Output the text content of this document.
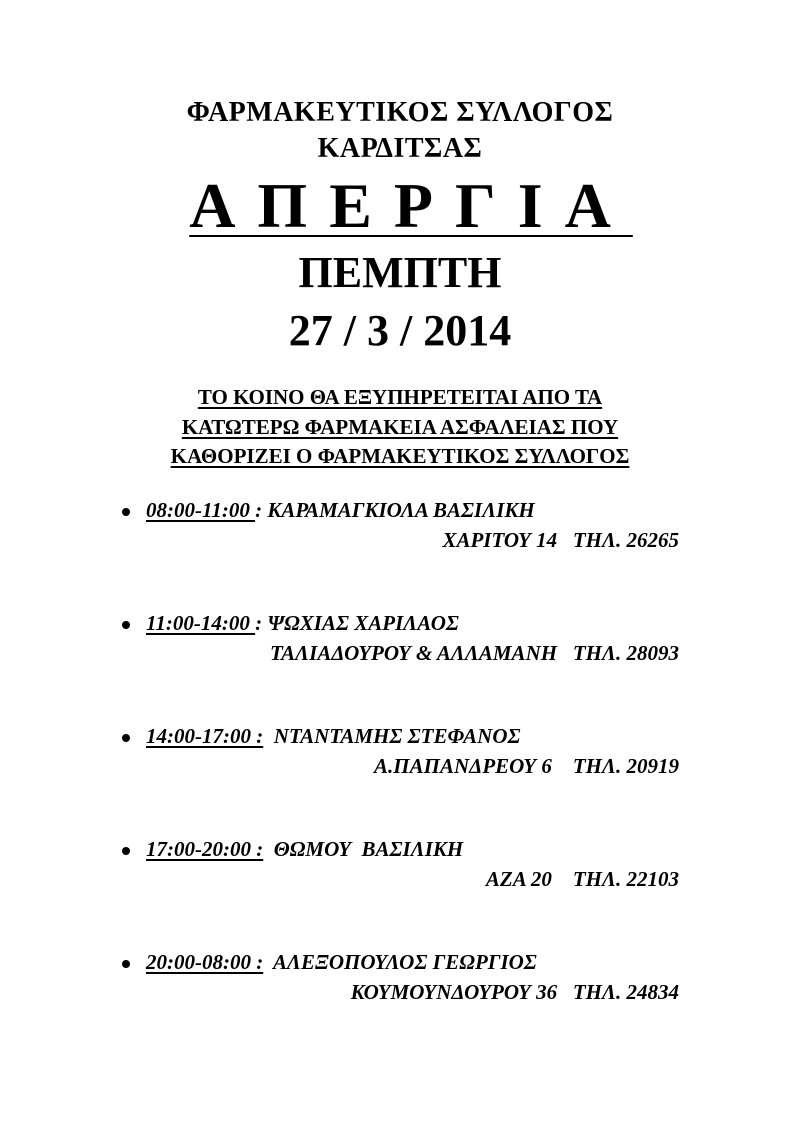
ΦΑΡΜΑΚΕΥΤΙΚΟΣ ΣΥΛΛΟΓΟΣ
ΚΑΡΔΙΤΣΑΣ
ΑΠΕΡΓΙΑ
ΠΕΜΠΤΗ
27 / 3 / 2014
ΤΟ ΚΟΙΝΟ ΘΑ ΕΞΥΠΗΡΕΤΕΙΤΑΙ ΑΠΟ ΤΑ
ΚΑΤΩΤΕΡΩ ΦΑΡΜΑΚΕΙΑ ΑΣΦΑΛΕΙΑΣ ΠΟΥ
ΚΑΘΟΡΙΖΕΙ Ο ΦΑΡΜΑΚΕΥΤΙΚΟΣ ΣΥΛΛΟΓΟΣ
08:00-11:00 : ΚΑΡΑΜΑΓΚΙΟΛΑ ΒΑΣΙΛΙΚΗ
ΧΑΡΙΤΟΥ 14   ΤΗΛ. 26265
11:00-14:00 : ΨΩΧΙΑΣ ΧΑΡΙΛΑΟΣ
ΤΑΛΙΑΔΟΥΡΟΥ & ΑΛΛΑΜΑΝΗ   ΤΗΛ. 28093
14:00-17:00 : ΝΤΑΝΤΑΜΗΣ ΣΤΕΦΑΝΟΣ
Α.ΠΑΠΑΝΔΡΕΟΥ 6    ΤΗΛ. 20919
17:00-20:00 : ΘΩΜΟΥ  ΒΑΣΙΛΙΚΗ
ΑΖΑ 20    ΤΗΛ. 22103
20:00-08:00 : ΑΛΕΞΟΠΟΥΛΟΣ ΓΕΩΡΓΙΟΣ
ΚΟΥΜΟΥΝΔΟΥΡΟΥ 36   ΤΗΛ. 24834
